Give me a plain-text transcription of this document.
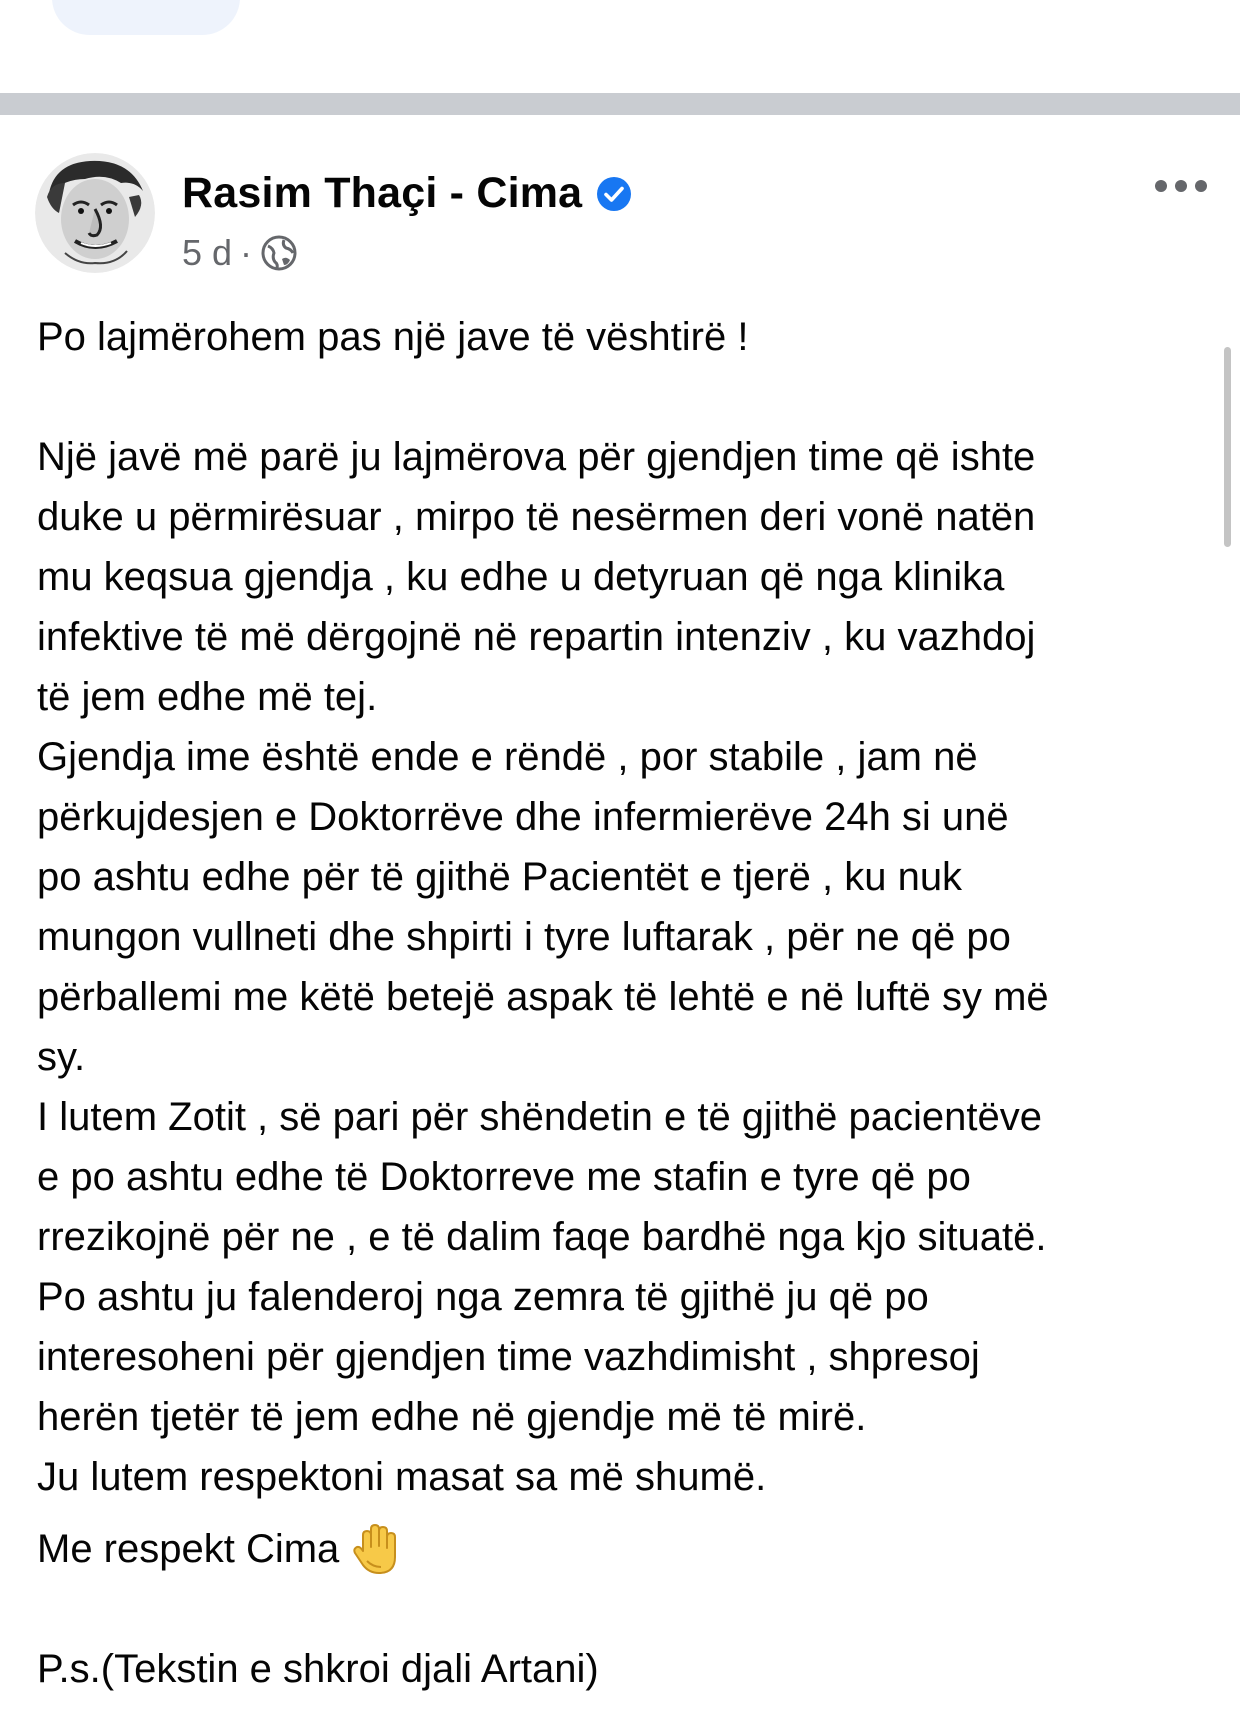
Rasim Thaçi - Cima
5 d ·
Po lajmërohem pas një jave të vështirë !
Një javë më parë ju lajmërova për gjendjen time që ishte
duke u përmirësuar , mirpo të nesërmen deri vonë natën
mu keqsua gjendja , ku edhe u detyruan që nga klinika
infektive të më dërgojnë në repartin intenziv , ku vazhdoj
të jem edhe më tej.
Gjendja ime është ende e rëndë , por stabile , jam në
përkujdesjen e Doktorrëve dhe infermierëve 24h si unë
po ashtu edhe për të gjithë Pacientët e tjerë , ku nuk
mungon vullneti dhe shpirti i tyre luftarak , për ne që po
përballemi me këtë betejë aspak të lehtë e në luftë sy më
sy.
I lutem Zotit , së pari për shëndetin e të gjithë pacientëve
e po ashtu edhe të Doktorreve me stafin e tyre që po
rrezikojnë për ne , e të dalim faqe bardhë nga kjo situatë.
Po ashtu ju falenderoj nga zemra të gjithë ju që po
interesoheni për gjendjen time vazhdimisht , shpresoj
herën tjetër të jem edhe në gjendje më të mirë.
Ju lutem respektoni masat sa më shumë.
Me respekt Cima
P.s.(Tekstin e shkroi djali Artani)
